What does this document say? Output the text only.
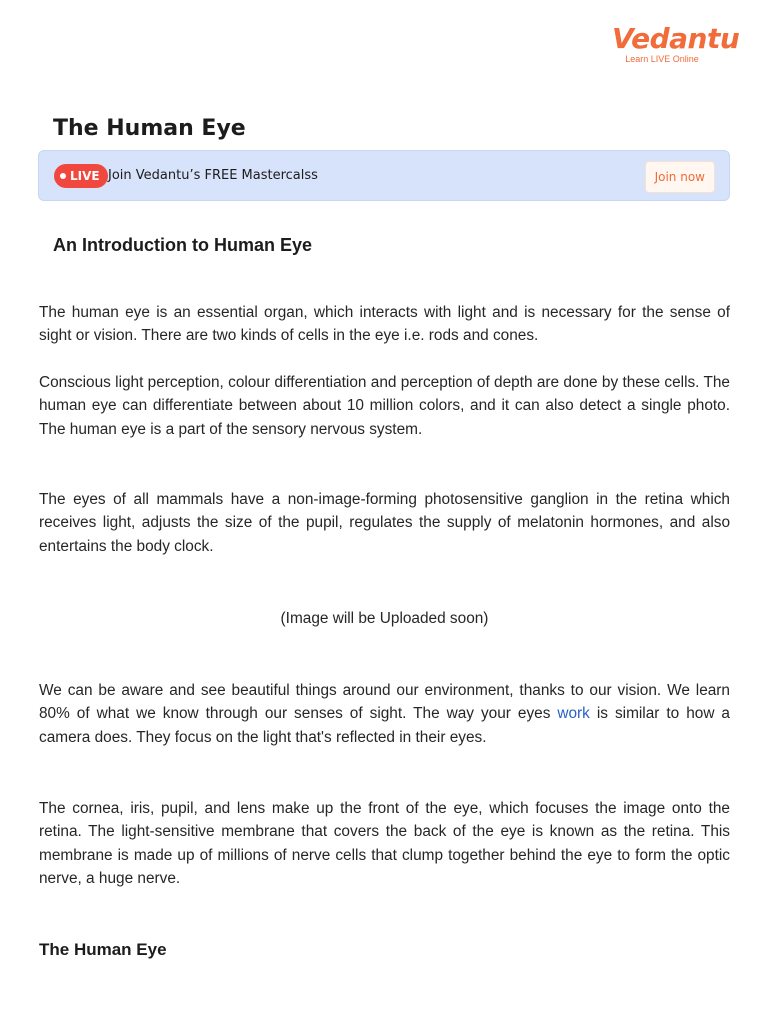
Vedantu
Learn LIVE Online
The Human Eye
LIVE Join Vedantu’s FREE Mastercalss	Join now
An Introduction to Human Eye

The human eye is an essential organ, which interacts with light and is necessary for the sense of sight or vision. There are two kinds of cells in the eye i.e. rods and cones.

Conscious light perception, colour differentiation and perception of depth are done by these cells. The human eye can differentiate between about 10 million colors, and it can also detect a single photo. The human eye is a part of the sensory nervous system.

The eyes of all mammals have a non-image-forming photosensitive ganglion in the retina which receives light, adjusts the size of the pupil, regulates the supply of melatonin hormones, and also entertains the body clock.

(Image will be Uploaded soon)

We can be aware and see beautiful things around our environment, thanks to our vision. We learn 80% of what we know through our senses of sight. The way your eyes work is similar to how a camera does. They focus on the light that's reflected in their eyes.

The cornea, iris, pupil, and lens make up the front of the eye, which focuses the image onto the retina. The light-sensitive membrane that covers the back of the eye is known as the retina. This membrane is made up of millions of nerve cells that clump together behind the eye to form the optic nerve, a huge nerve.

The Human Eye
